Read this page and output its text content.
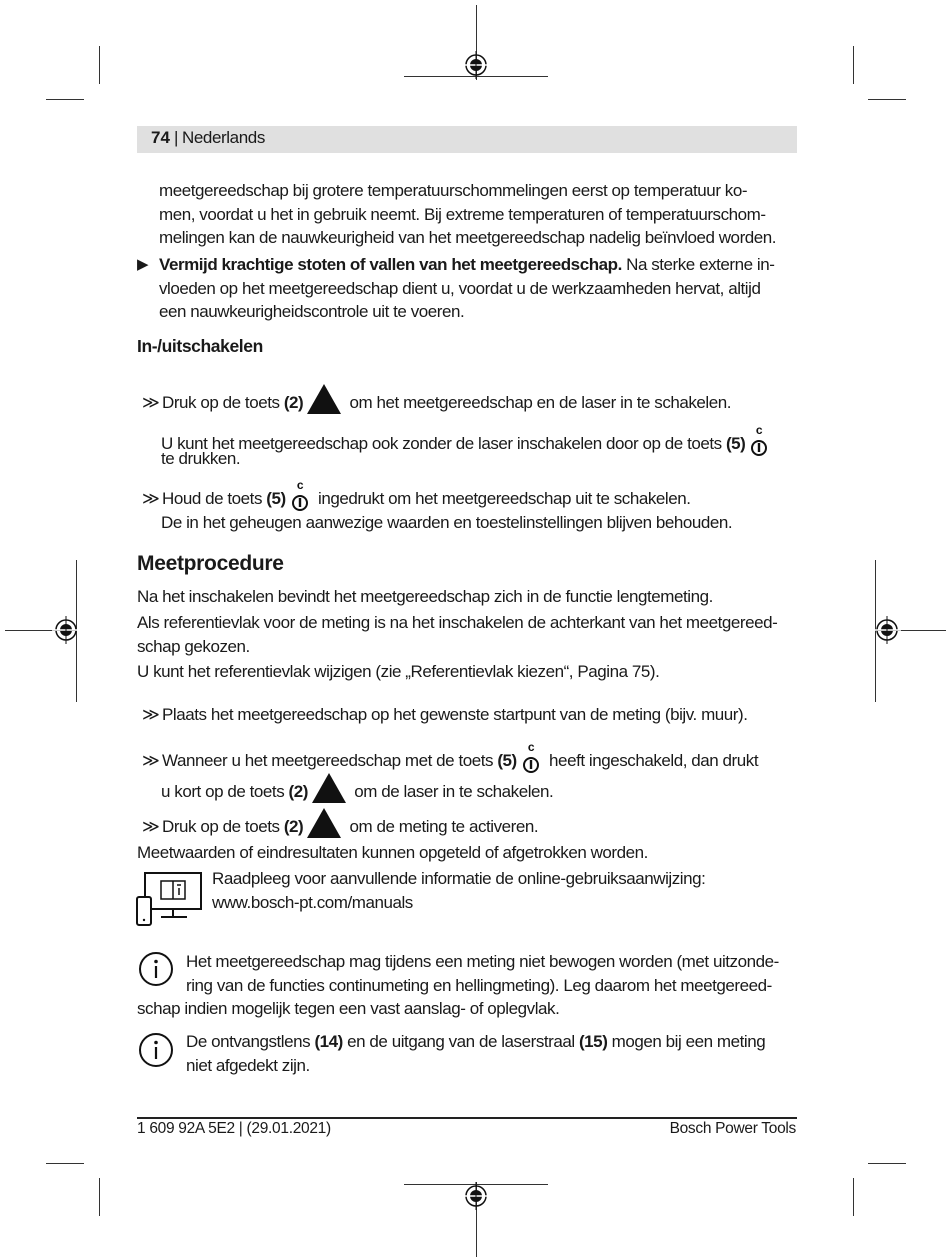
74 | Nederlands
meetgereedschap bij grotere temperatuurschommelingen eerst op temperatuur ko-
men, voordat u het in gebruik neemt. Bij extreme temperaturen of temperatuurschom-
melingen kan de nauwkeurigheid van het meetgereedschap nadelig beïnvloed worden.
▶ Vermijd krachtige stoten of vallen van het meetgereedschap. Na sterke externe in-
vloeden op het meetgereedschap dient u, voordat u de werkzaamheden hervat, altijd
een nauwkeurigheidscontrole uit te voeren.
In-/uitschakelen
≫ Druk op de toets (2) om het meetgereedschap en de laser in te schakelen.
U kunt het meetgereedschap ook zonder de laser inschakelen door op de toets (5)
c
te drukken.
≫ Houd de toets (5)
c
ingedrukt om het meetgereedschap uit te schakelen.
De in het geheugen aanwezige waarden en toestelinstellingen blijven behouden.
Meetprocedure
Na het inschakelen bevindt het meetgereedschap zich in de functie lengtemeting.
Als referentievlak voor de meting is na het inschakelen de achterkant van het meetgereed-
schap gekozen.
U kunt het referentievlak wijzigen (zie „Referentievlak kiezen“, Pagina 75).
≫ Plaats het meetgereedschap op het gewenste startpunt van de meting (bijv. muur).
≫ Wanneer u het meetgereedschap met de toets (5)
c
heeft ingeschakeld, dan drukt
u kort op de toets (2) om de laser in te schakelen.
≫ Druk op de toets (2) om de meting te activeren.
Meetwaarden of eindresultaten kunnen opgeteld of afgetrokken worden.
Raadpleeg voor aanvullende informatie de online-gebruiksaanwijzing:
www.bosch-pt.com/manuals
Het meetgereedschap mag tijdens een meting niet bewogen worden (met uitzonde-
ring van de functies continumeting en hellingmeting). Leg daarom het meetgereed-
schap indien mogelijk tegen een vast aanslag- of oplegvlak.
De ontvangstlens (14) en de uitgang van de laserstraal (15) mogen bij een meting
niet afgedekt zijn.
1 609 92A 5E2 | (29.01.2021)	Bosch Power Tools
